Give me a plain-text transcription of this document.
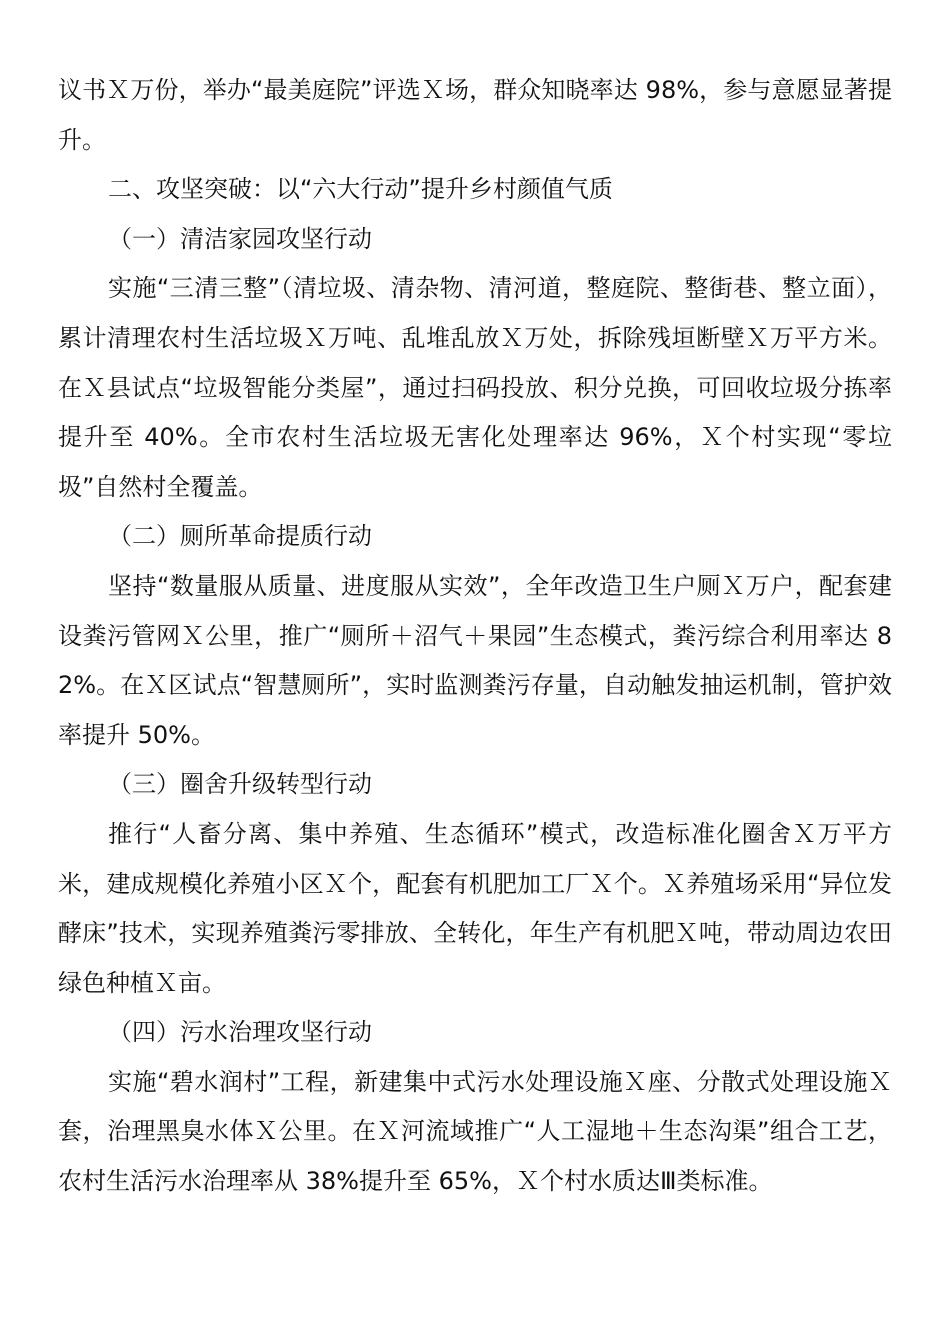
议书Ｘ万份，举办“最美庭院”评选Ｘ场，群众知晓率达 98%，参与意愿显著提升。

二、攻坚突破：以“六大行动”提升乡村颜值气质

（一）清洁家园攻坚行动

实施“三清三整”（清垃圾、清杂物、清河道，整庭院、整街巷、整立面），累计清理农村生活垃圾Ｘ万吨、乱堆乱放Ｘ万处，拆除残垣断壁Ｘ万平方米。在Ｘ县试点“垃圾智能分类屋”，通过扫码投放、积分兑换，可回收垃圾分拣率提升至 40%。全市农村生活垃圾无害化处理率达 96%，Ｘ个村实现“零垃圾”自然村全覆盖。

（二）厕所革命提质行动

坚持“数量服从质量、进度服从实效”，全年改造卫生户厕Ｘ万户，配套建设粪污管网Ｘ公里，推广“厕所＋沼气＋果园”生态模式，粪污综合利用率达 82%。在Ｘ区试点“智慧厕所”，实时监测粪污存量，自动触发抽运机制，管护效率提升 50%。

（三）圈舍升级转型行动

推行“人畜分离、集中养殖、生态循环”模式，改造标准化圈舍Ｘ万平方米，建成规模化养殖小区Ｘ个，配套有机肥加工厂Ｘ个。Ｘ养殖场采用“异位发酵床”技术，实现养殖粪污零排放、全转化，年生产有机肥Ｘ吨，带动周边农田绿色种植Ｘ亩。

（四）污水治理攻坚行动

实施“碧水润村”工程，新建集中式污水处理设施Ｘ座、分散式处理设施Ｘ套，治理黑臭水体Ｘ公里。在Ｘ河流域推广“人工湿地＋生态沟渠”组合工艺，农村生活污水治理率从 38%提升至 65%，Ｘ个村水质达Ⅲ类标准。
